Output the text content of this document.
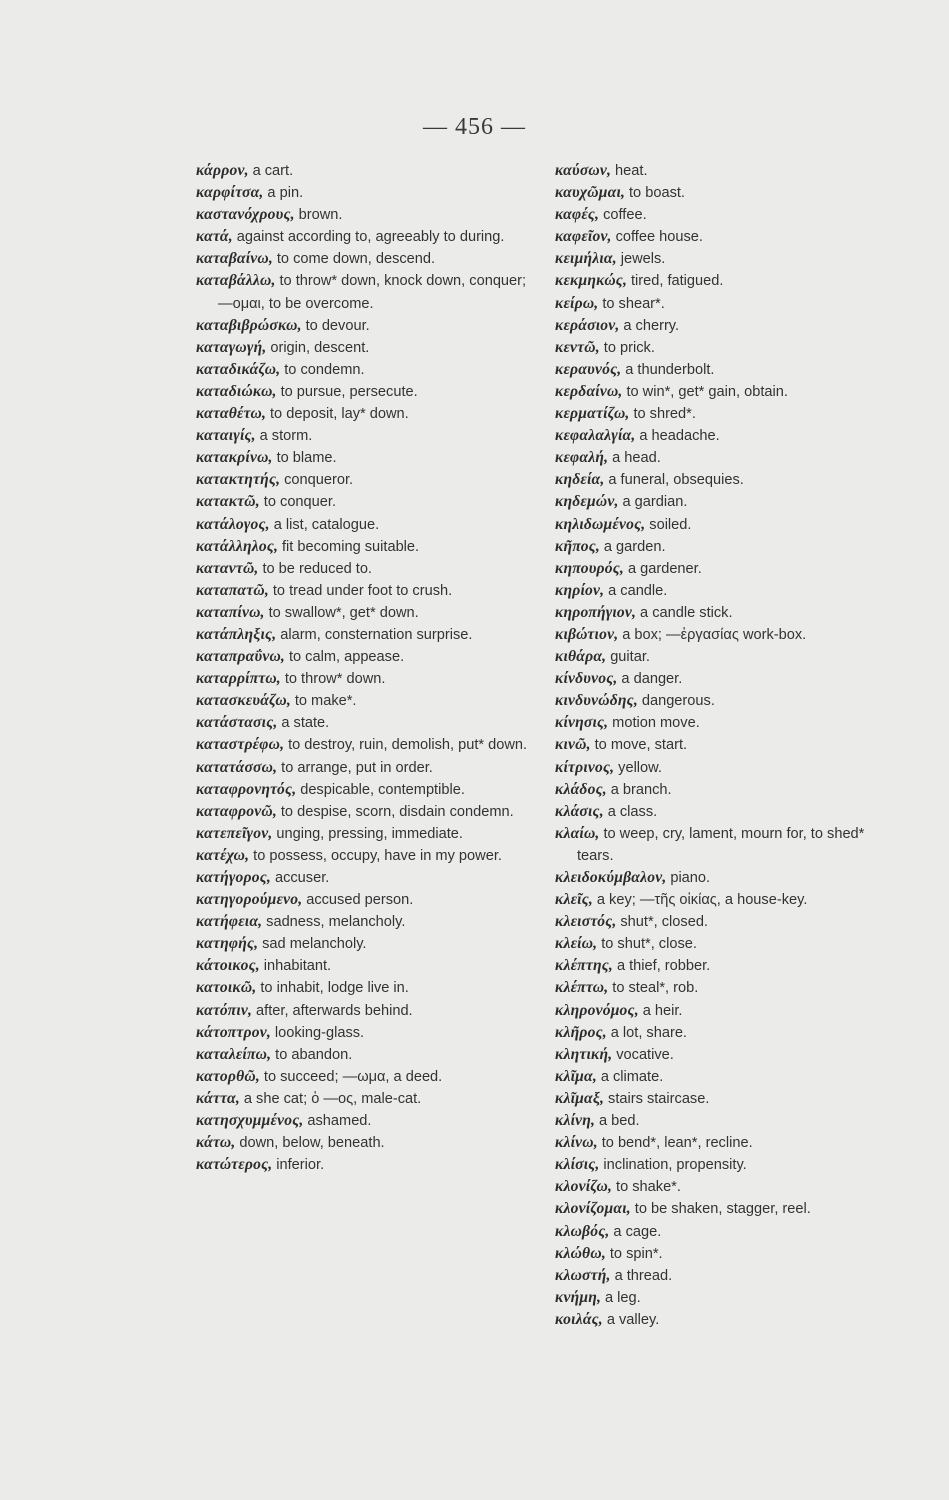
— 456 —

κάρρον, a cart.

καρφίτσα, a pin.

καστανόχρους, brown.

κατά, against according to, agreeably to during.

καταβαίνω, to come down, descend.

καταβάλλω, to throw* down, knock down, conquer; —ομαι, to be overcome.

καταβιβρώσκω, to devour.

καταγωγή, origin, descent.

καταδικάζω, to condemn.

καταδιώκω, to pursue, persecute.

καταθέτω, to deposit, lay* down.

καταιγίς, a storm.

κατακρίνω, to blame.

κατακτητής, conqueror.

κατακτῶ, to conquer.

κατάλογος, a list, catalogue.

κατάλληλος, fit becoming suitable.

καταντῶ, to be reduced to.

καταπατῶ, to tread under foot to crush.

καταπίνω, to swallow*, get* down.

κατάπληξις, alarm, consternation surprise.

καταπραΰνω, to calm, appease.

καταρρίπτω, to throw* down.

κατασκευάζω, to make*.

κατάστασις, a state.

καταστρέφω, to destroy, ruin, demolish, put* down.

κατατάσσω, to arrange, put in order.

καταφρονητός, despicable, contemptible.

καταφρονῶ, to despise, scorn, disdain condemn.

κατεπεῖγον, unging, pressing, immediate.

κατέχω, to possess, occupy, have in my power.

κατήγορος, accuser.

κατηγορούμενο, accused person.

κατήφεια, sadness, melancholy.

κατηφής, sad melancholy.

κάτοικος, inhabitant.

κατοικῶ, to inhabit, lodge live in.

κατόπιν, after, afterwards behind.

κάτοπτρον, looking-glass.

καταλείπω, to abandon.

κατορθῶ, to succeed; —ωμα, a deed.

κάττα, a she cat; ὁ —ος, male-cat.

κατησχυμμένος, ashamed.

κάτω, down, below, beneath.

κατώτερος, inferior.

καύσων, heat.

καυχῶμαι, to boast.

καφές, coffee.

καφεῖον, coffee house.

κειμήλια, jewels.

κεκμηκώς, tired, fatigued.

κείρω, to shear*.

κεράσιον, a cherry.

κεντῶ, to prick.

κεραυνός, a thunderbolt.

κερδαίνω, to win*, get* gain, obtain.

κερματίζω, to shred*.

κεφαλαλγία, a headache.

κεφαλή, a head.

κηδεία, a funeral, obsequies.

κηδεμών, a gardian.

κηλιδωμένος, soiled.

κῆπος, a garden.

κηπουρός, a gardener.

κηρίον, a candle.

κηροπήγιον, a candle stick.

κιβώτιον, a box; —ἐργασίας work-box.

κιθάρα, guitar.

κίνδυνος, a danger.

κινδυνώδης, dangerous.

κίνησις, motion move.

κινῶ, to move, start.

κίτρινος, yellow.

κλάδος, a branch.

κλάσις, a class.

κλαίω, to weep, cry, lament, mourn for, to shed* tears.

κλειδοκύμβαλον, piano.

κλεῖς, a key; —τῆς οἰκίας, a house-key.

κλειστός, shut*, closed.

κλείω, to shut*, close.

κλέπτης, a thief, robber.

κλέπτω, to steal*, rob.

κληρονόμος, a heir.

κλῆρος, a lot, share.

κλητική, vocative.

κλῖμα, a climate.

κλῖμαξ, stairs staircase.

κλίνη, a bed.

κλίνω, to bend*, lean*, recline.

κλίσις, inclination, propensity.

κλονίζω, to shake*.

κλονίζομαι, to be shaken, stagger, reel.

κλωβός, a cage.

κλώθω, to spin*.

κλωστή, a thread.

κνήμη, a leg.

κοιλάς, a valley.
